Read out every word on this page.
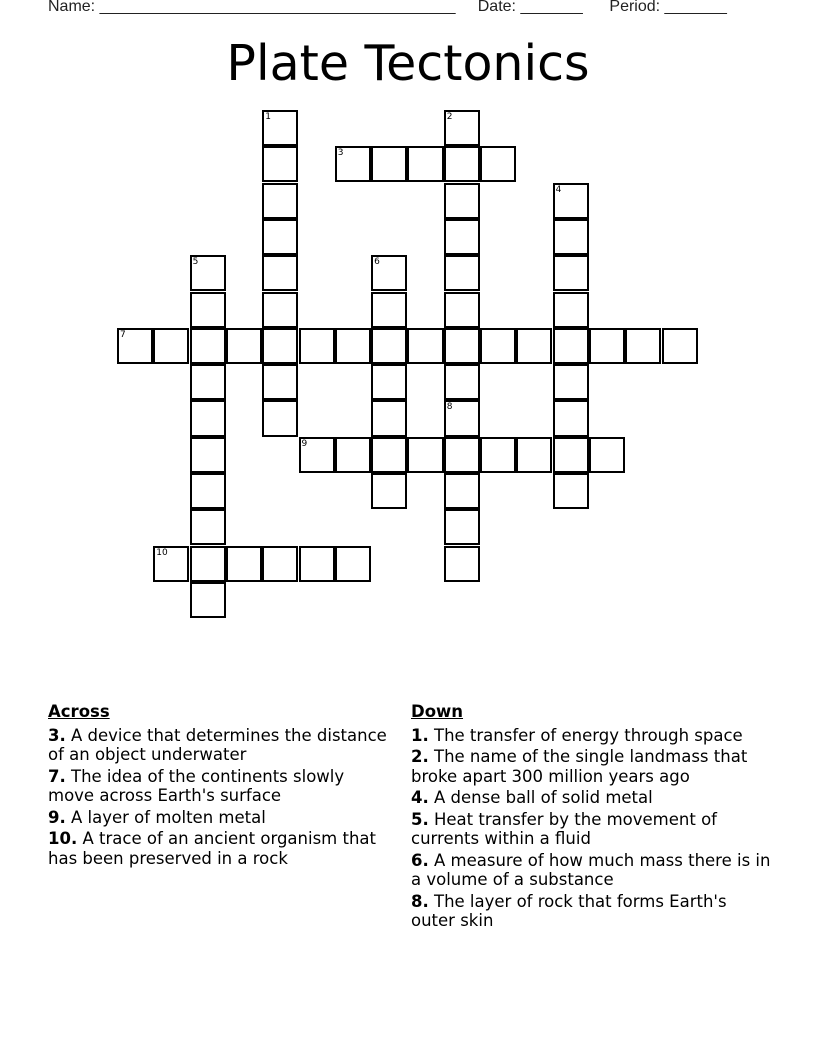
Name: ________________________________________ Date: _______ Period: _______
Plate Tectonics
1	2
3
4
5	6
7
8
9
10
Across
3. A device that determines the distance of an object underwater
7. The idea of the continents slowly move across Earth's surface
9. A layer of molten metal
10. A trace of an ancient organism that has been preserved in a rock
Down
1. The transfer of energy through space
2. The name of the single landmass that broke apart 300 million years ago
4. A dense ball of solid metal
5. Heat transfer by the movement of currents within a fluid
6. A measure of how much mass there is in a volume of a substance
8. The layer of rock that forms Earth's outer skin
